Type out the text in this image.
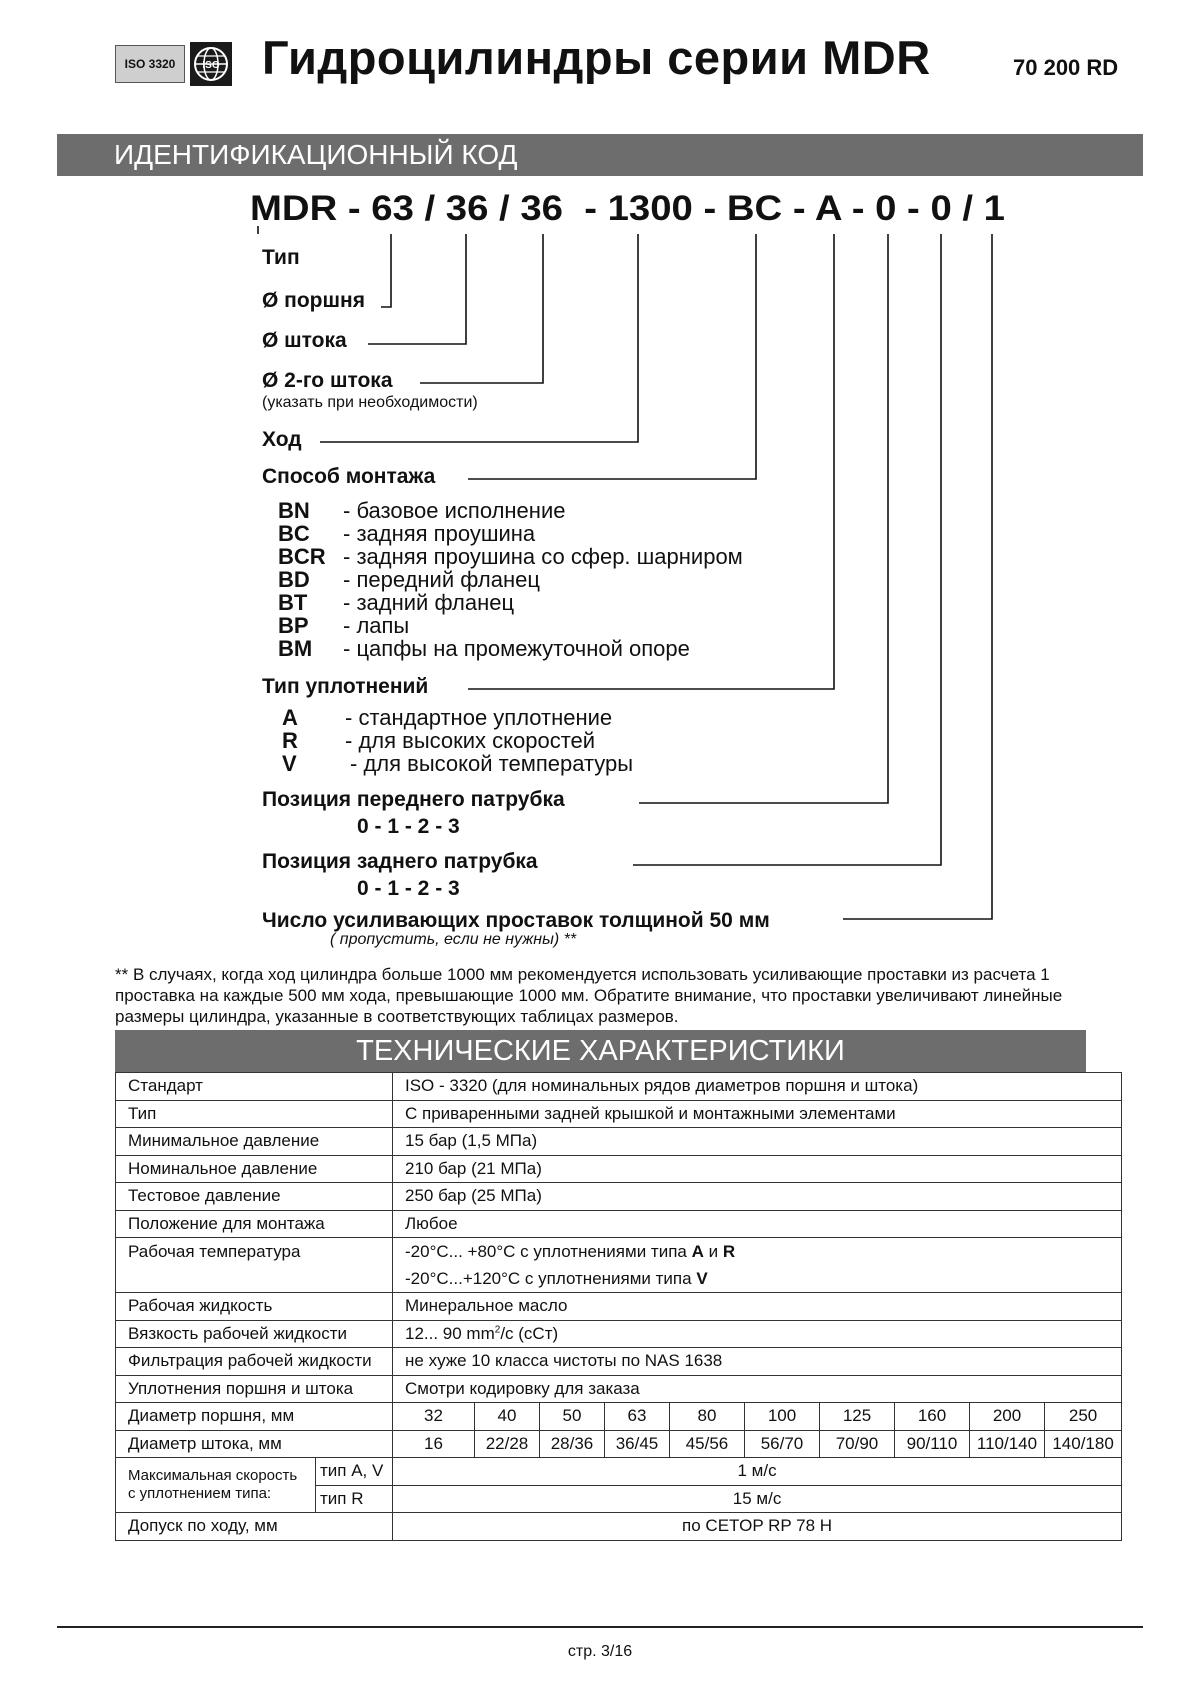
ISO 3320	ISO Гидроцилиндры серии MDR	70 200 RD
ИДЕНТИФИКАЦИОННЫЙ КОД
MDR - 63 / 36 / 36  - 1300 - BC - A - 0 - 0 / 1
Тип
Ø поршня
Ø штока
Ø 2-го штока
(указать при необходимости)
Ход
Способ монтажа
BN - базовое исполнение
BC - задняя проушина
BCR - задняя проушина со сфер. шарниром
BD - передний фланец
BT - задний фланец
BP - лапы
BM - цапфы на промежуточной опоре
Тип уплотнений
A - стандартное уплотнение
R - для высоких скоростей
V - для высокой температуры
Позиция переднего патрубка
0 - 1 - 2 - 3
Позиция заднего патрубка
0 - 1 - 2 - 3
Число усиливающих проставок толщиной 50 мм
( пропустить, если не нужны) **
** В случаях, когда ход цилиндра больше 1000 мм рекомендуется использовать усиливающие проставки из расчета 1 проставка на каждые 500 мм хода, превышающие 1000 мм. Обратите внимание, что проставки увеличивают линейные размеры цилиндра, указанные в соответствующих таблицах размеров.
ТЕХНИЧЕСКИЕ ХАРАКТЕРИСТИКИ
Стандарт		ISO - 3320 (для номинальных рядов диаметров поршня и штока)									
Тип		С приваренными задней крышкой и монтажными элементами									
Минимальное давление		15 бар (1,5 МПа)									
Номинальное давление		210 бар (21 МПа)									
Тестовое давление		250 бар (25 МПа)									
Положение для монтажа		Любое									
Рабочая температура		-20°C... +80°C с уплотнениями типа A и R									
		-20°C...+120°C с уплотнениями типа V									
Рабочая жидкость		Минеральное масло									
Вязкость рабочей жидкости		12... 90 $mm^2/c$ (cCт)									
Фильтрация рабочей жидкости		не хуже 10 класса чистоты по NAS 1638									
Уплотнения поршня и штока		Смотри кодировку для заказа									
Диаметр поршня, мм		32	40	50	63	80	100	125	160	200	250
Диаметр штока, мм		16	22/28	28/36	36/45	45/56	56/70	70/90	90/110	110/140	140/180
Максимальная скорость с уплотнением типа:	тип A, V	1 м/с									
	тип R	15 м/с									
Допуск по ходу, мм		по CETOP RP 78 H									
стр. 3/16
